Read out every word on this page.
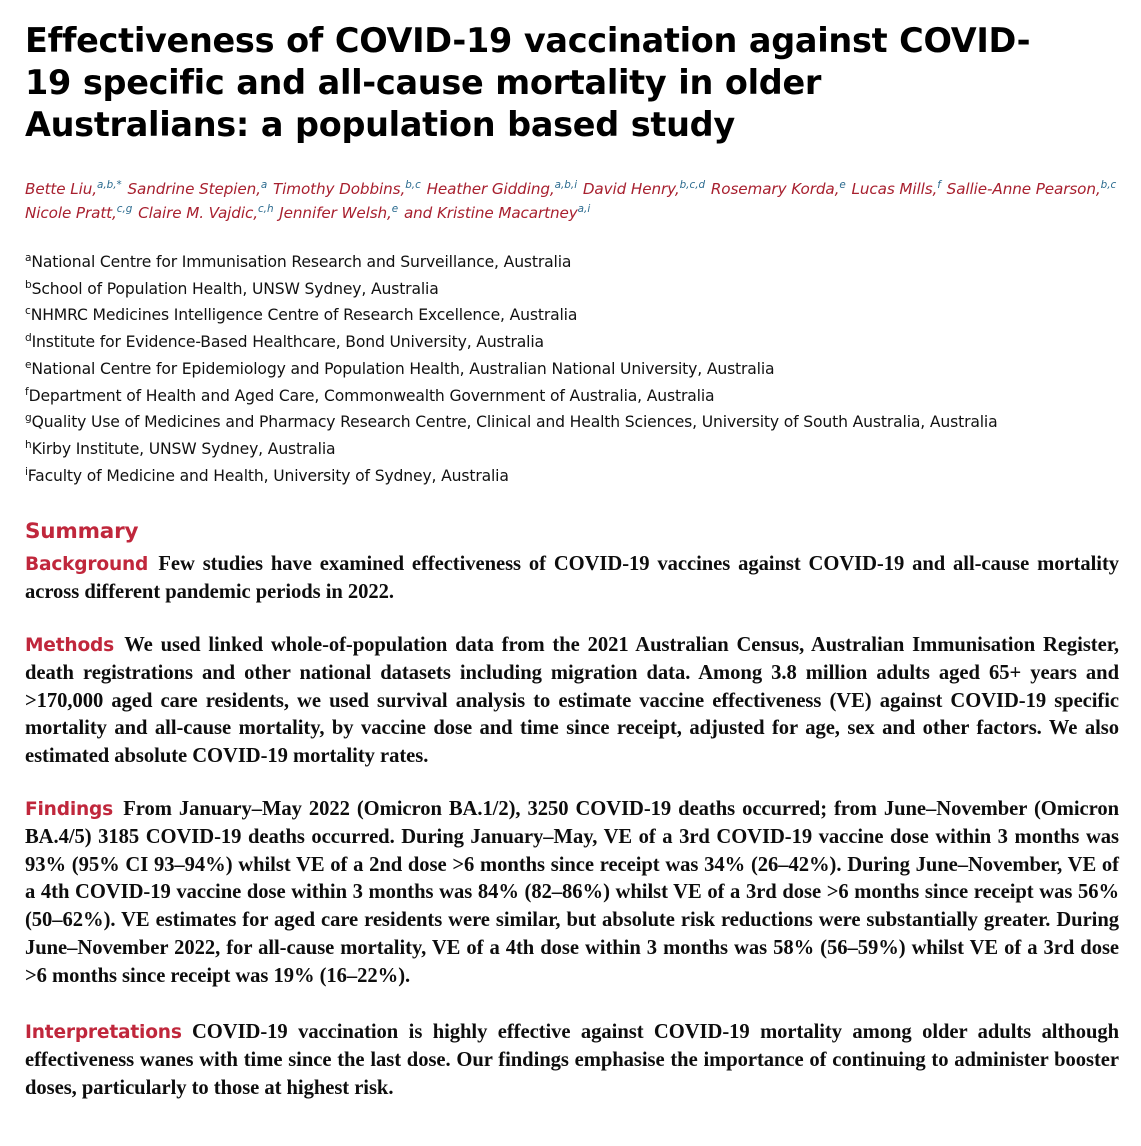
Effectiveness of COVID-19 vaccination against COVID-19 specific and all-cause mortality in older Australians: a population based study
Bette Liu,$^{a,b,*}$ Sandrine Stepien,$^a$ Timothy Dobbins,$^{b,c}$ Heather Gidding,$^{a,b,i}$ David Henry,$^{b,c,d}$ Rosemary Korda,$^e$ Lucas Mills,$^f$ Sallie-Anne Pearson,$^{b,c}$ Nicole Pratt,$^{c,g}$ Claire M. Vajdic,$^{c,h}$ Jennifer Welsh,$^e$ and Kristine Macartney$^{a,i}$
$^a$National Centre for Immunisation Research and Surveillance, Australia
$^b$School of Population Health, UNSW Sydney, Australia
$^c$NHMRC Medicines Intelligence Centre of Research Excellence, Australia
$^d$Institute for Evidence-Based Healthcare, Bond University, Australia
$^e$National Centre for Epidemiology and Population Health, Australian National University, Australia
$^f$Department of Health and Aged Care, Commonwealth Government of Australia, Australia
$^g$Quality Use of Medicines and Pharmacy Research Centre, Clinical and Health Sciences, University of South Australia, Australia
$^h$Kirby Institute, UNSW Sydney, Australia
$^i$Faculty of Medicine and Health, University of Sydney, Australia
Summary

Background  Few studies have examined effectiveness of COVID-19 vaccines against COVID-19 and all-cause mortality across different pandemic periods in 2022.

Methods  We used linked whole-of-population data from the 2021 Australian Census, Australian Immunisation Register, death registrations and other national datasets including migration data. Among 3.8 million adults aged 65+ years and >170,000 aged care residents, we used survival analysis to estimate vaccine effectiveness (VE) against COVID-19 specific mortality and all-cause mortality, by vaccine dose and time since receipt, adjusted for age, sex and other factors. We also estimated absolute COVID-19 mortality rates.

Findings  From January–May 2022 (Omicron BA.1/2), 3250 COVID-19 deaths occurred; from June–November (Omicron BA.4/5) 3185 COVID-19 deaths occurred. During January–May, VE of a 3rd COVID-19 vaccine dose within 3 months was 93% (95% CI 93–94%) whilst VE of a 2nd dose >6 months since receipt was 34% (26–42%). During June–November, VE of a 4th COVID-19 vaccine dose within 3 months was 84% (82–86%) whilst VE of a 3rd dose >6 months since receipt was 56% (50–62%). VE estimates for aged care residents were similar, but absolute risk reductions were substantially greater. During June–November 2022, for all-cause mortality, VE of a 4th dose within 3 months was 58% (56–59%) whilst VE of a 3rd dose >6 months since receipt was 19% (16–22%).

Interpretations  COVID-19 vaccination is highly effective against COVID-19 mortality among older adults although effectiveness wanes with time since the last dose. Our findings emphasise the importance of continuing to administer booster doses, particularly to those at highest risk.
